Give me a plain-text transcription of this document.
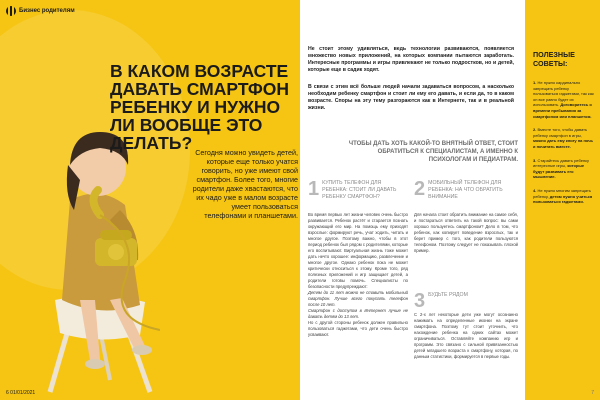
Бизнес родителям
В КАКОМ ВОЗРАСТЕ ДАВАТЬ СМАРТФОН РЕБЕНКУ И НУЖНО ЛИ ВООБЩЕ ЭТО ДЕЛАТЬ? Сегодня можно увидеть детей, которые еще только учатся говорить, но уже имеют свой смартфон. Более того, многие родители даже хвастаются, что их чадо уже в малом возрасте умеет пользоваться телефонами и планшетами.

6 01/01/2021

Не стоит этому удивляться, ведь технологии развиваются, появляется множество новых приложений, на которых компании пытаются заработать. Интересные программы и игры привлекают не только подростков, но и детей, которые еще в садик ходят.

В связи с этим всё больше людей начали задаваться вопросом, а насколько необходим ребенку смартфон и стоит ли ему его давать, и если да, то в каком возрасте. Споры на эту тему разгораются как в Интернете, так и в реальной жизни.

ЧТОБЫ ДАТЬ ХОТЬ КАКОЙ-ТО ВНЯТНЫЙ ОТВЕТ, СТОИТ ОБРАТИТЬСЯ К СПЕЦИАЛИСТАМ, А ИМЕННО К ПСИХОЛОГАМ И ПЕДИАТРАМ.

1 КУПИТЬ ТЕЛЕФОН ДЛЯ РЕБЕНКА: СТОИТ ЛИ ДАВАТЬ РЕБЕНКУ СМАРТФОН?

Во время первых лет жизни человек очень быстро развивается. Ребенок растёт и старается познать окружающий его мир. На помощь ему приходят взрослые: формируют речь, учат ходить, читать и многое другое. Поэтому важно, чтобы в этот период ребенок был рядом с родителями, которые его воспитывают. Виртуальная жизнь тоже может дать нечто хорошее: информацию, развлечение и многое другое. Однако ребенок пока не может критически относиться к этому. Кроме того, ряд полезных приложений и игр защищает детей, а родители готовы помочь. Специалисты по безопасности предупреждают:
Детям до 11 лет можно не ставить мобильный смартфон. Лучше всего покупать телефон после 10 лет.
Смартфон с доступом в Интернет лучше не давать детям до 13 лет.
Но с другой стороны ребенок должен правильно пользоваться гаджетами, что дети очень быстро усваивают.

2 МОБИЛЬНЫЙ ТЕЛЕФОН ДЛЯ РЕБЕНКА: НА ЧТО ОБРАТИТЬ ВНИМАНИЕ

Для начала стоит обратить внимание на самое себя, и постараться ответить на такой вопрос: вы сами хорошо пользуетесь смартфоном? Дело в том, что ребенок, как копирует поведение взрослых, так и берет пример с того, как родители пользуются телефоном. Поэтому следует не показывать плохой пример.

3 БУДЬТЕ РЯДОМ

С 2-х лет некоторые дети уже могут осознанно нажимать на определенные иконки на экране смартфона. Поэтому тут стоит уточнить, что нахождение ребенка на одних сайтах может ограничиваться. Оставляйте компанию игр и программ. Это связано с сильной привязанностью детей младшего возраста к смартфону, которая, по данным статистики, формируется в первые годы.

ПОЛЕЗНЫЕ СОВЕТЫ:
1. Не нужно кардинально запрещать ребенку пользоваться гаджетами, так как он все равно будет их использовать. Договоритесь о времени пребывания за смартфоном или планшетом.
2. Вместе того, чтобы давать ребенку смартфон в игры, можно дать ему книгу на ночь и почитать вместе.
3. Старайтесь давать ребенку интересные игры, которые будут развивать его мышление.
4. Не нужно многим запрещать ребенку, детям нужно учиться пользоваться гаджетами.
7
